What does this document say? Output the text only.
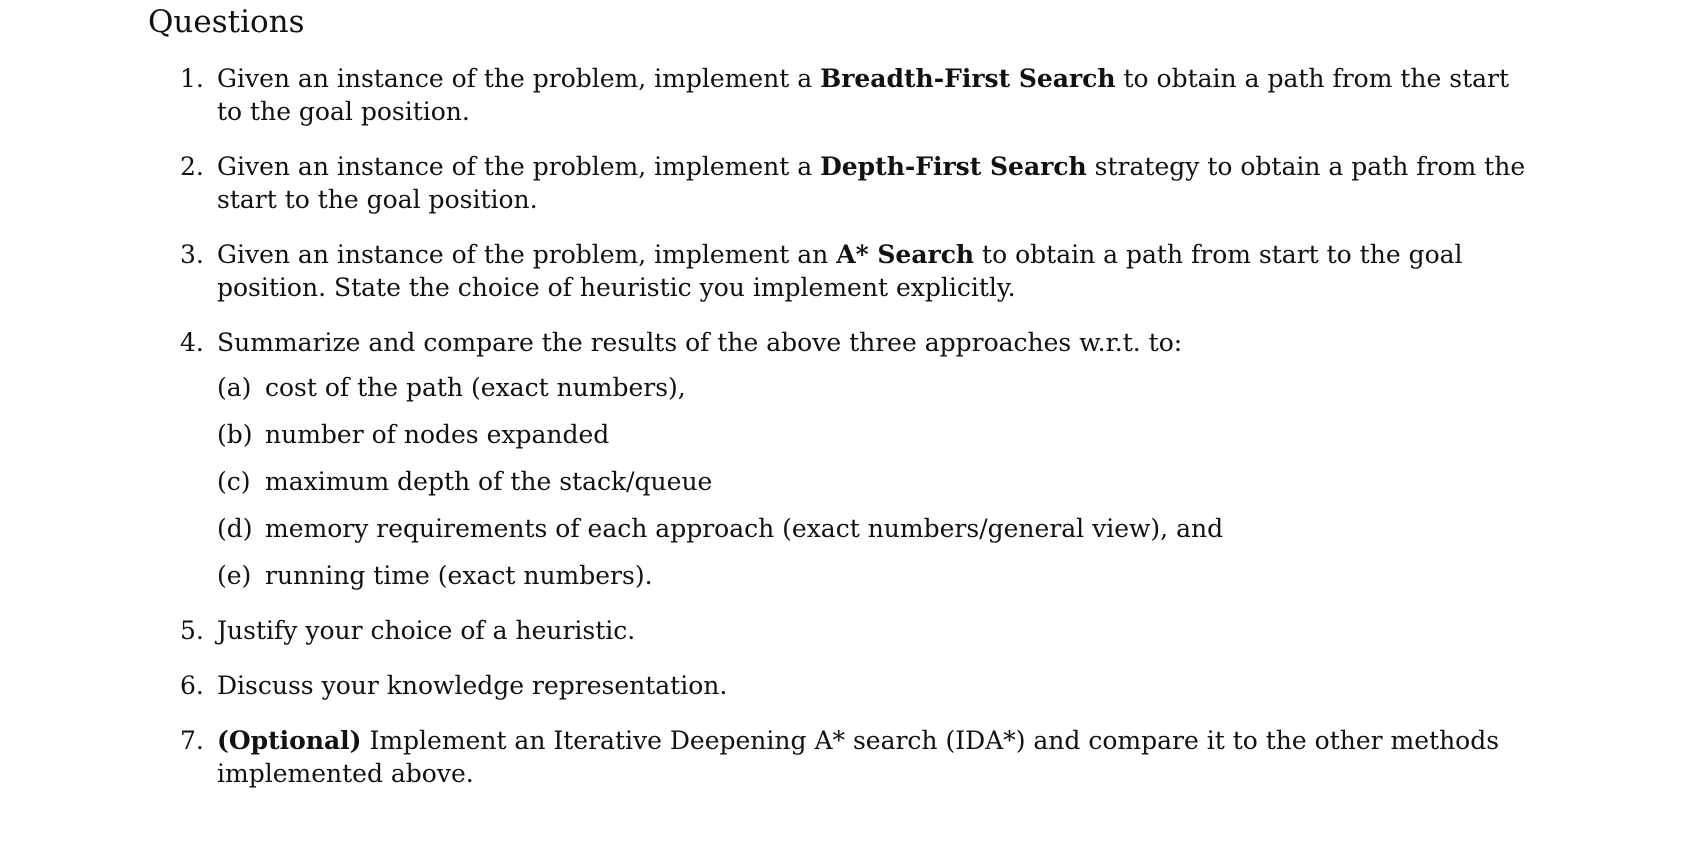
Questions
1. Given an instance of the problem, implement a Breadth-First Search to obtain a path from the start to the goal position.
2. Given an instance of the problem, implement a Depth-First Search strategy to obtain a path from the start to the goal position.
3. Given an instance of the problem, implement an A* Search to obtain a path from start to the goal position. State the choice of heuristic you implement explicitly.
4. Summarize and compare the results of the above three approaches w.r.t. to:
(a) cost of the path (exact numbers),
(b) number of nodes expanded
(c) maximum depth of the stack/queue
(d) memory requirements of each approach (exact numbers/general view), and
(e) running time (exact numbers).
5. Justify your choice of a heuristic.
6. Discuss your knowledge representation.
7. (Optional) Implement an Iterative Deepening A* search (IDA*) and compare it to the other methods implemented above.
